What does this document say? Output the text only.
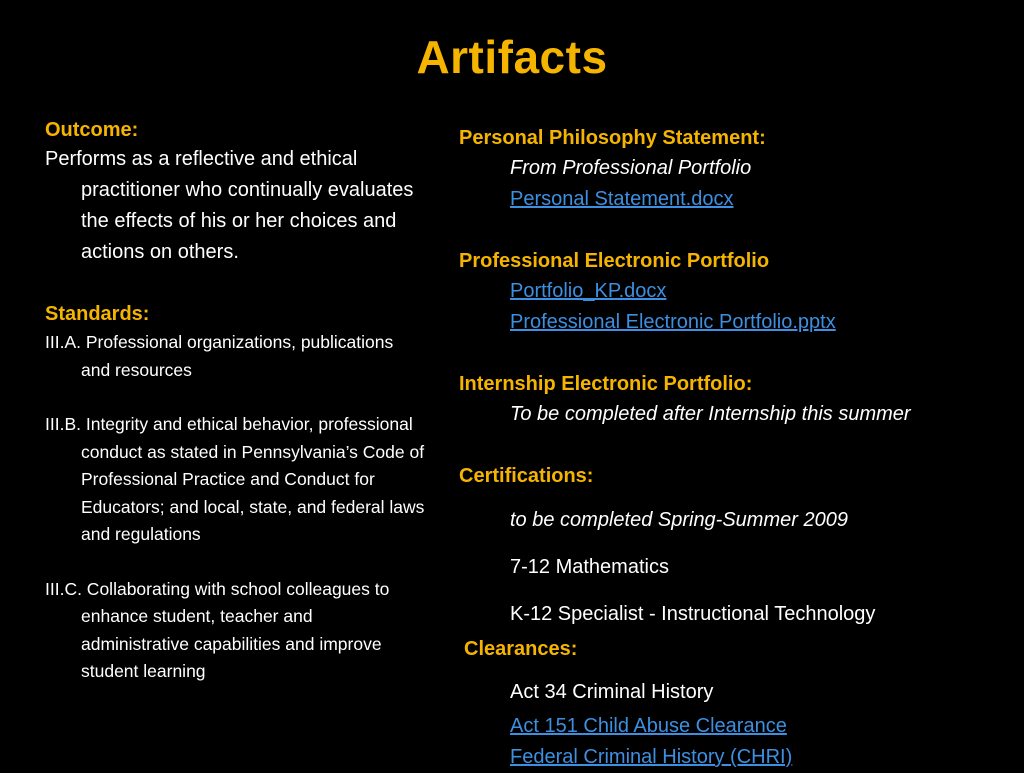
Artifacts
Outcome:
Performs as a reflective and ethical practitioner who continually evaluates the effects of his or her choices and actions on others.
Standards:
III.A. Professional organizations, publications and resources
III.B. Integrity and ethical behavior, professional conduct as stated in Pennsylvania’s Code of Professional Practice and Conduct for Educators; and local, state, and federal laws and regulations
III.C. Collaborating with school colleagues to enhance student, teacher and administrative capabilities and improve student learning
Personal Philosophy Statement:
From Professional Portfolio
Personal Statement.docx
Professional Electronic Portfolio
Portfolio_KP.docx
Professional Electronic Portfolio.pptx
Internship Electronic Portfolio:
To be completed after Internship this summer
Certifications:
to be completed Spring-Summer 2009
7-12 Mathematics
K-12 Specialist - Instructional Technology
Clearances:
Act 34 Criminal History
Act 151 Child Abuse Clearance
Federal Criminal History (CHRI)
